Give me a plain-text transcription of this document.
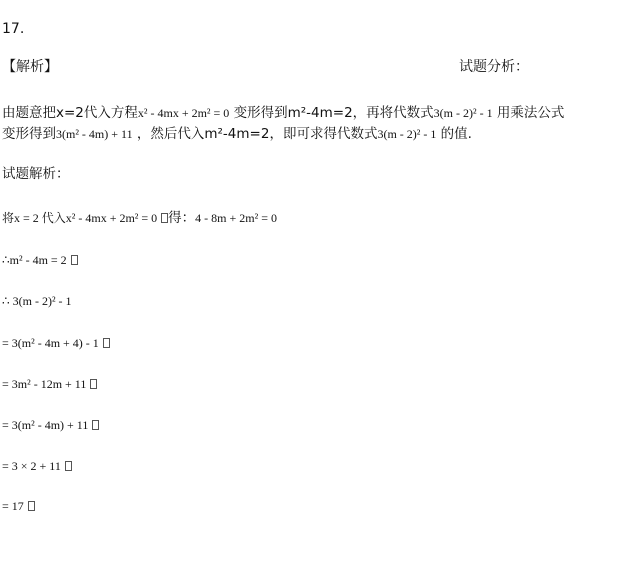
17.
【解析】	试题分析：
由题意把x=2代入方程x² - 4mx + 2m² = 0 变形得到m²-4m=2，再将代数式3(m - 2)² - 1 用乘法公式
变形得到3(m² - 4m) + 11 ，然后代入m²-4m=2，即可求得代数式3(m - 2)² - 1 的值.
试题解析：
将x = 2 代入x² - 4mx + 2m² = 0 得：4 - 8m + 2m² = 0
∴m² - 4m = 2
∴ 3(m - 2)² - 1
= 3(m² - 4m + 4) - 1
= 3m² - 12m + 11
= 3(m² - 4m) + 11
= 3 × 2 + 11
= 17
